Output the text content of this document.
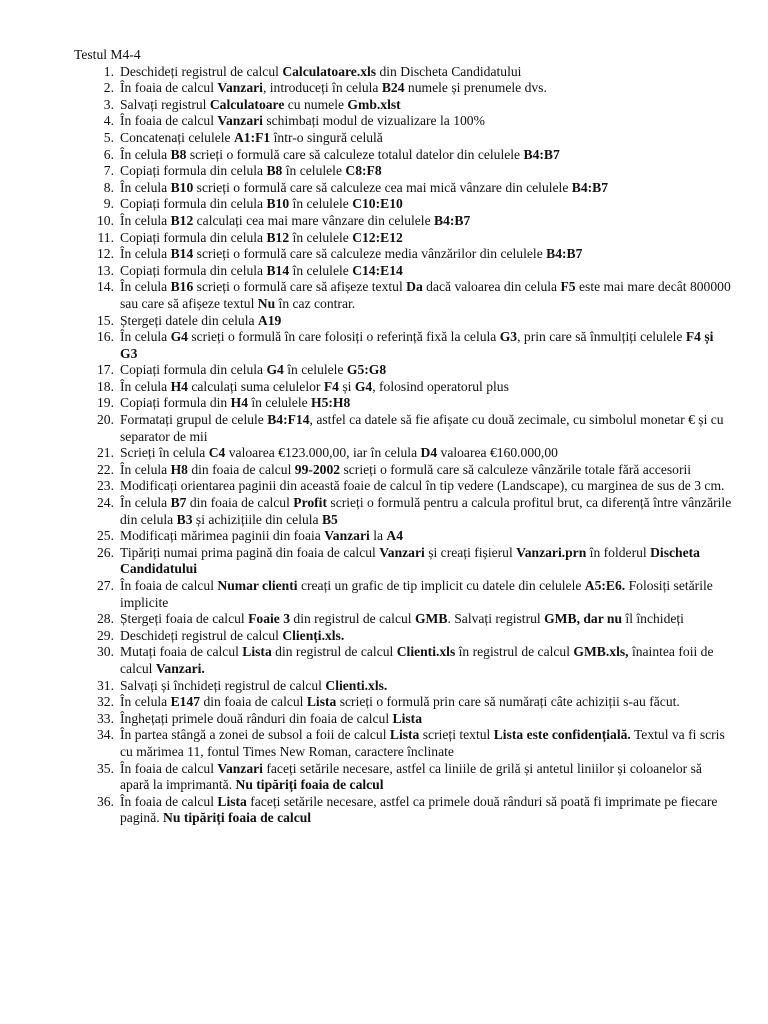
Testul M4-4
1. Deschideți registrul de calcul Calculatoare.xls din Discheta Candidatului
2. În foaia de calcul Vanzari, introduceți în celula B24 numele și prenumele dvs.
3. Salvați registrul Calculatoare cu numele Gmb.xlst
4. În foaia de calcul Vanzari schimbați modul de vizualizare la 100%
5. Concatenați celulele A1:F1 într-o singură celulă
6. În celula B8 scrieți o formulă care să calculeze totalul datelor din celulele B4:B7
7. Copiați formula din celula B8 în celulele C8:F8
8. În celula B10 scrieți o formulă care să calculeze cea mai mică vânzare din celulele B4:B7
9. Copiați formula din celula B10 în celulele C10:E10
10. În celula B12 calculați cea mai mare vânzare din celulele B4:B7
11. Copiați formula din celula B12 în celulele C12:E12
12. În celula B14 scrieți o formulă care să calculeze media vânzărilor din celulele B4:B7
13. Copiați formula din celula B14 în celulele C14:E14
14. În celula B16 scrieți o formulă care să afișeze textul Da dacă valoarea din celula F5 este mai mare decât 800000 sau care să afișeze textul Nu în caz contrar.
15. Ștergeți datele din celula A19
16. În celula G4 scrieți o formulă în care folosiți o referință fixă la celula G3, prin care să înmulțiți celulele F4 și G3
17. Copiați formula din celula G4 în celulele G5:G8
18. În celula H4 calculați suma celulelor F4 și G4, folosind operatorul plus
19. Copiați formula din H4 în celulele H5:H8
20. Formatați grupul de celule B4:F14, astfel ca datele să fie afișate cu două zecimale, cu simbolul monetar € și cu separator de mii
21. Scrieți în celula C4 valoarea €123.000,00, iar în celula D4 valoarea €160.000,00
22. În celula H8 din foaia de calcul 99-2002 scrieți o formulă care să calculeze vânzările totale fără accesorii
23. Modificați orientarea paginii din această foaie de calcul în tip vedere (Landscape), cu marginea de sus de 3 cm.
24. În celula B7 din foaia de calcul Profit scrieți o formulă pentru a calcula profitul brut, ca diferență între vânzările din celula B3 și achizițiile din celula B5
25. Modificați mărimea paginii din foaia Vanzari la A4
26. Tipăriți numai prima pagină din foaia de calcul Vanzari și creați fișierul Vanzari.prn în folderul Discheta Candidatului
27. În foaia de calcul Numar clienti creați un grafic de tip implicit cu datele din celulele A5:E6. Folosiți setările implicite
28. Ștergeți foaia de calcul Foaie 3 din registrul de calcul GMB. Salvați registrul GMB, dar nu îl închideți
29. Deschideți registrul de calcul Clienți.xls.
30. Mutați foaia de calcul Lista din registrul de calcul Clienti.xls în registrul de calcul GMB.xls, înaintea foii de calcul Vanzari.
31. Salvați și închideți registrul de calcul Clienti.xls.
32. În celula E147 din foaia de calcul Lista scrieți o formulă prin care să numărați câte achiziții s-au făcut.
33. Înghețați primele două rânduri din foaia de calcul Lista
34. În partea stângă a zonei de subsol a foii de calcul Lista scrieți textul Lista este confidențială. Textul va fi scris cu mărimea 11, fontul Times New Roman, caractere înclinate
35. În foaia de calcul Vanzari faceți setările necesare, astfel ca liniile de grilă și antetul liniilor și coloanelor să apară la imprimantă. Nu tipăriți foaia de calcul
36. În foaia de calcul Lista faceți setările necesare, astfel ca primele două rânduri să poată fi imprimate pe fiecare pagină. Nu tipăriți foaia de calcul
